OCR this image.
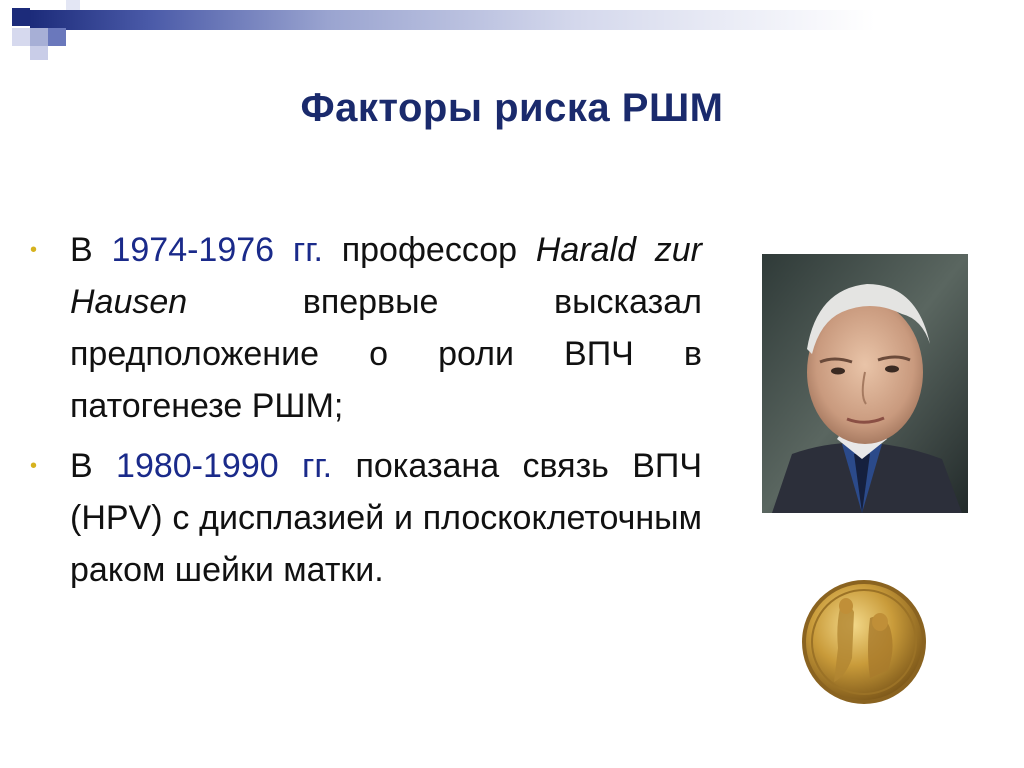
Факторы риска РШМ
• В 1974-1976 гг. профессор Harald zur Hausen впервые высказал предположение о роли ВПЧ в патогенезе РШМ;
• В 1980-1990 гг. показана связь ВПЧ (HPV) с дисплазией и плоскоклеточным раком шейки матки.
